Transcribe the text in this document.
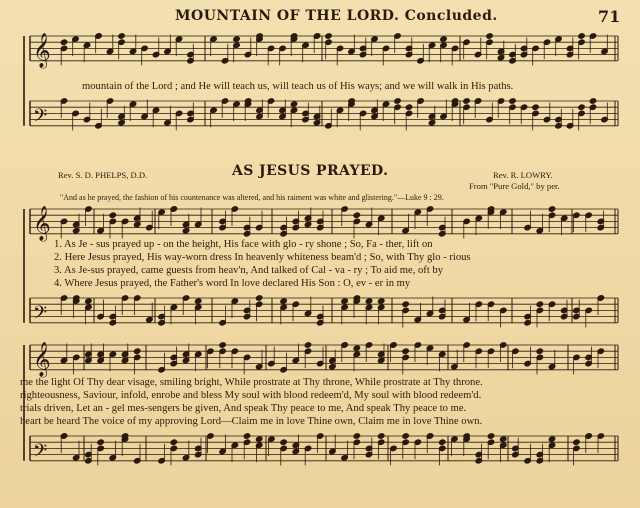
MOUNTAIN OF THE LORD. Concluded.	71
𝄞
𝄢
𝄞
𝄢
𝄞
𝄢
mountain of the Lord ; and He will teach us, will teach us of His ways; and we will walk in His paths.
Rev. S. D. PHELPS, D.D.	AS JESUS PRAYED.	Rev. R. LOWRY.
From "Pure Gold," by per.
"And as he prayed, the fashion of his countenance was altered, and his raiment was white and glistering."—Luke 9 : 29.
1. As Je - sus prayed up - on the height, His face with glo - ry shone ; So, Fa - ther, lift on
2. Here Jesus prayed, His way-worn dress In heavenly whiteness beam'd ; So, with Thy glo - rious
3. As Je-sus prayed, came guests from heav'n, And talked of Cal - va - ry ; To aid me, oft by
4. Where Jesus prayed, the Father's word In love declared His Son : O, ev - er in my
me the light Of Thy dear visage, smiling bright, While prostrate at Thy throne, While prostrate at Thy throne.
righteousness, Saviour, infold, enrobe and bless My soul with blood redeem'd, My soul with blood redeem'd.
trials driven, Let an - gel mes-sengers be given, And speak Thy peace to me, And speak Thy peace to me.
heart be heard The voice of my approving Lord—Claim me in love Thine own, Claim me in love Thine own.
